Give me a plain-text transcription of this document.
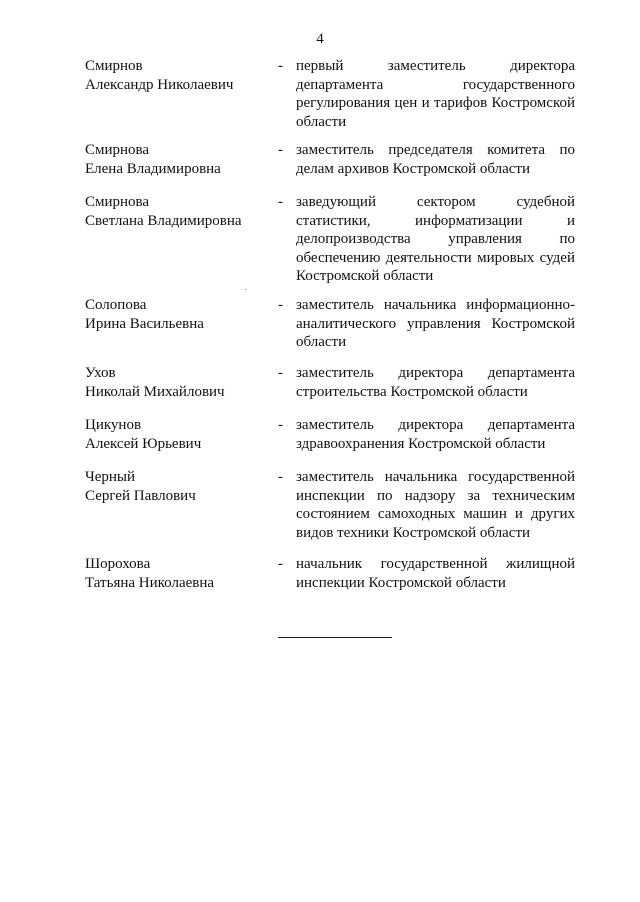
4
Смирнов
Александр Николаевич
- первый заместитель директора
департамента государственного
регулирования цен и тарифов Костромской
области
Смирнова
Елена Владимировна
- заместитель председателя комитета по
делам архивов Костромской области
Смирнова
Светлана Владимировна
- заведующий сектором судебной
статистики, информатизации и
делопроизводства управления по
обеспечению деятельности мировых судей
Костромской области
Солопова
Ирина Васильевна
- заместитель начальника информационно-
аналитического управления Костромской
области
Ухов
Николай Михайлович
- заместитель директора департамента
строительства Костромской области
Цикунов
Алексей Юрьевич
- заместитель директора департамента
здравоохранения Костромской области
Черный
Сергей Павлович
- заместитель начальника государственной
инспекции по надзору за техническим
состоянием самоходных машин и других
видов техники Костромской области
Шорохова
Татьяна Николаевна
- начальник государственной жилищной
инспекции Костромской области
